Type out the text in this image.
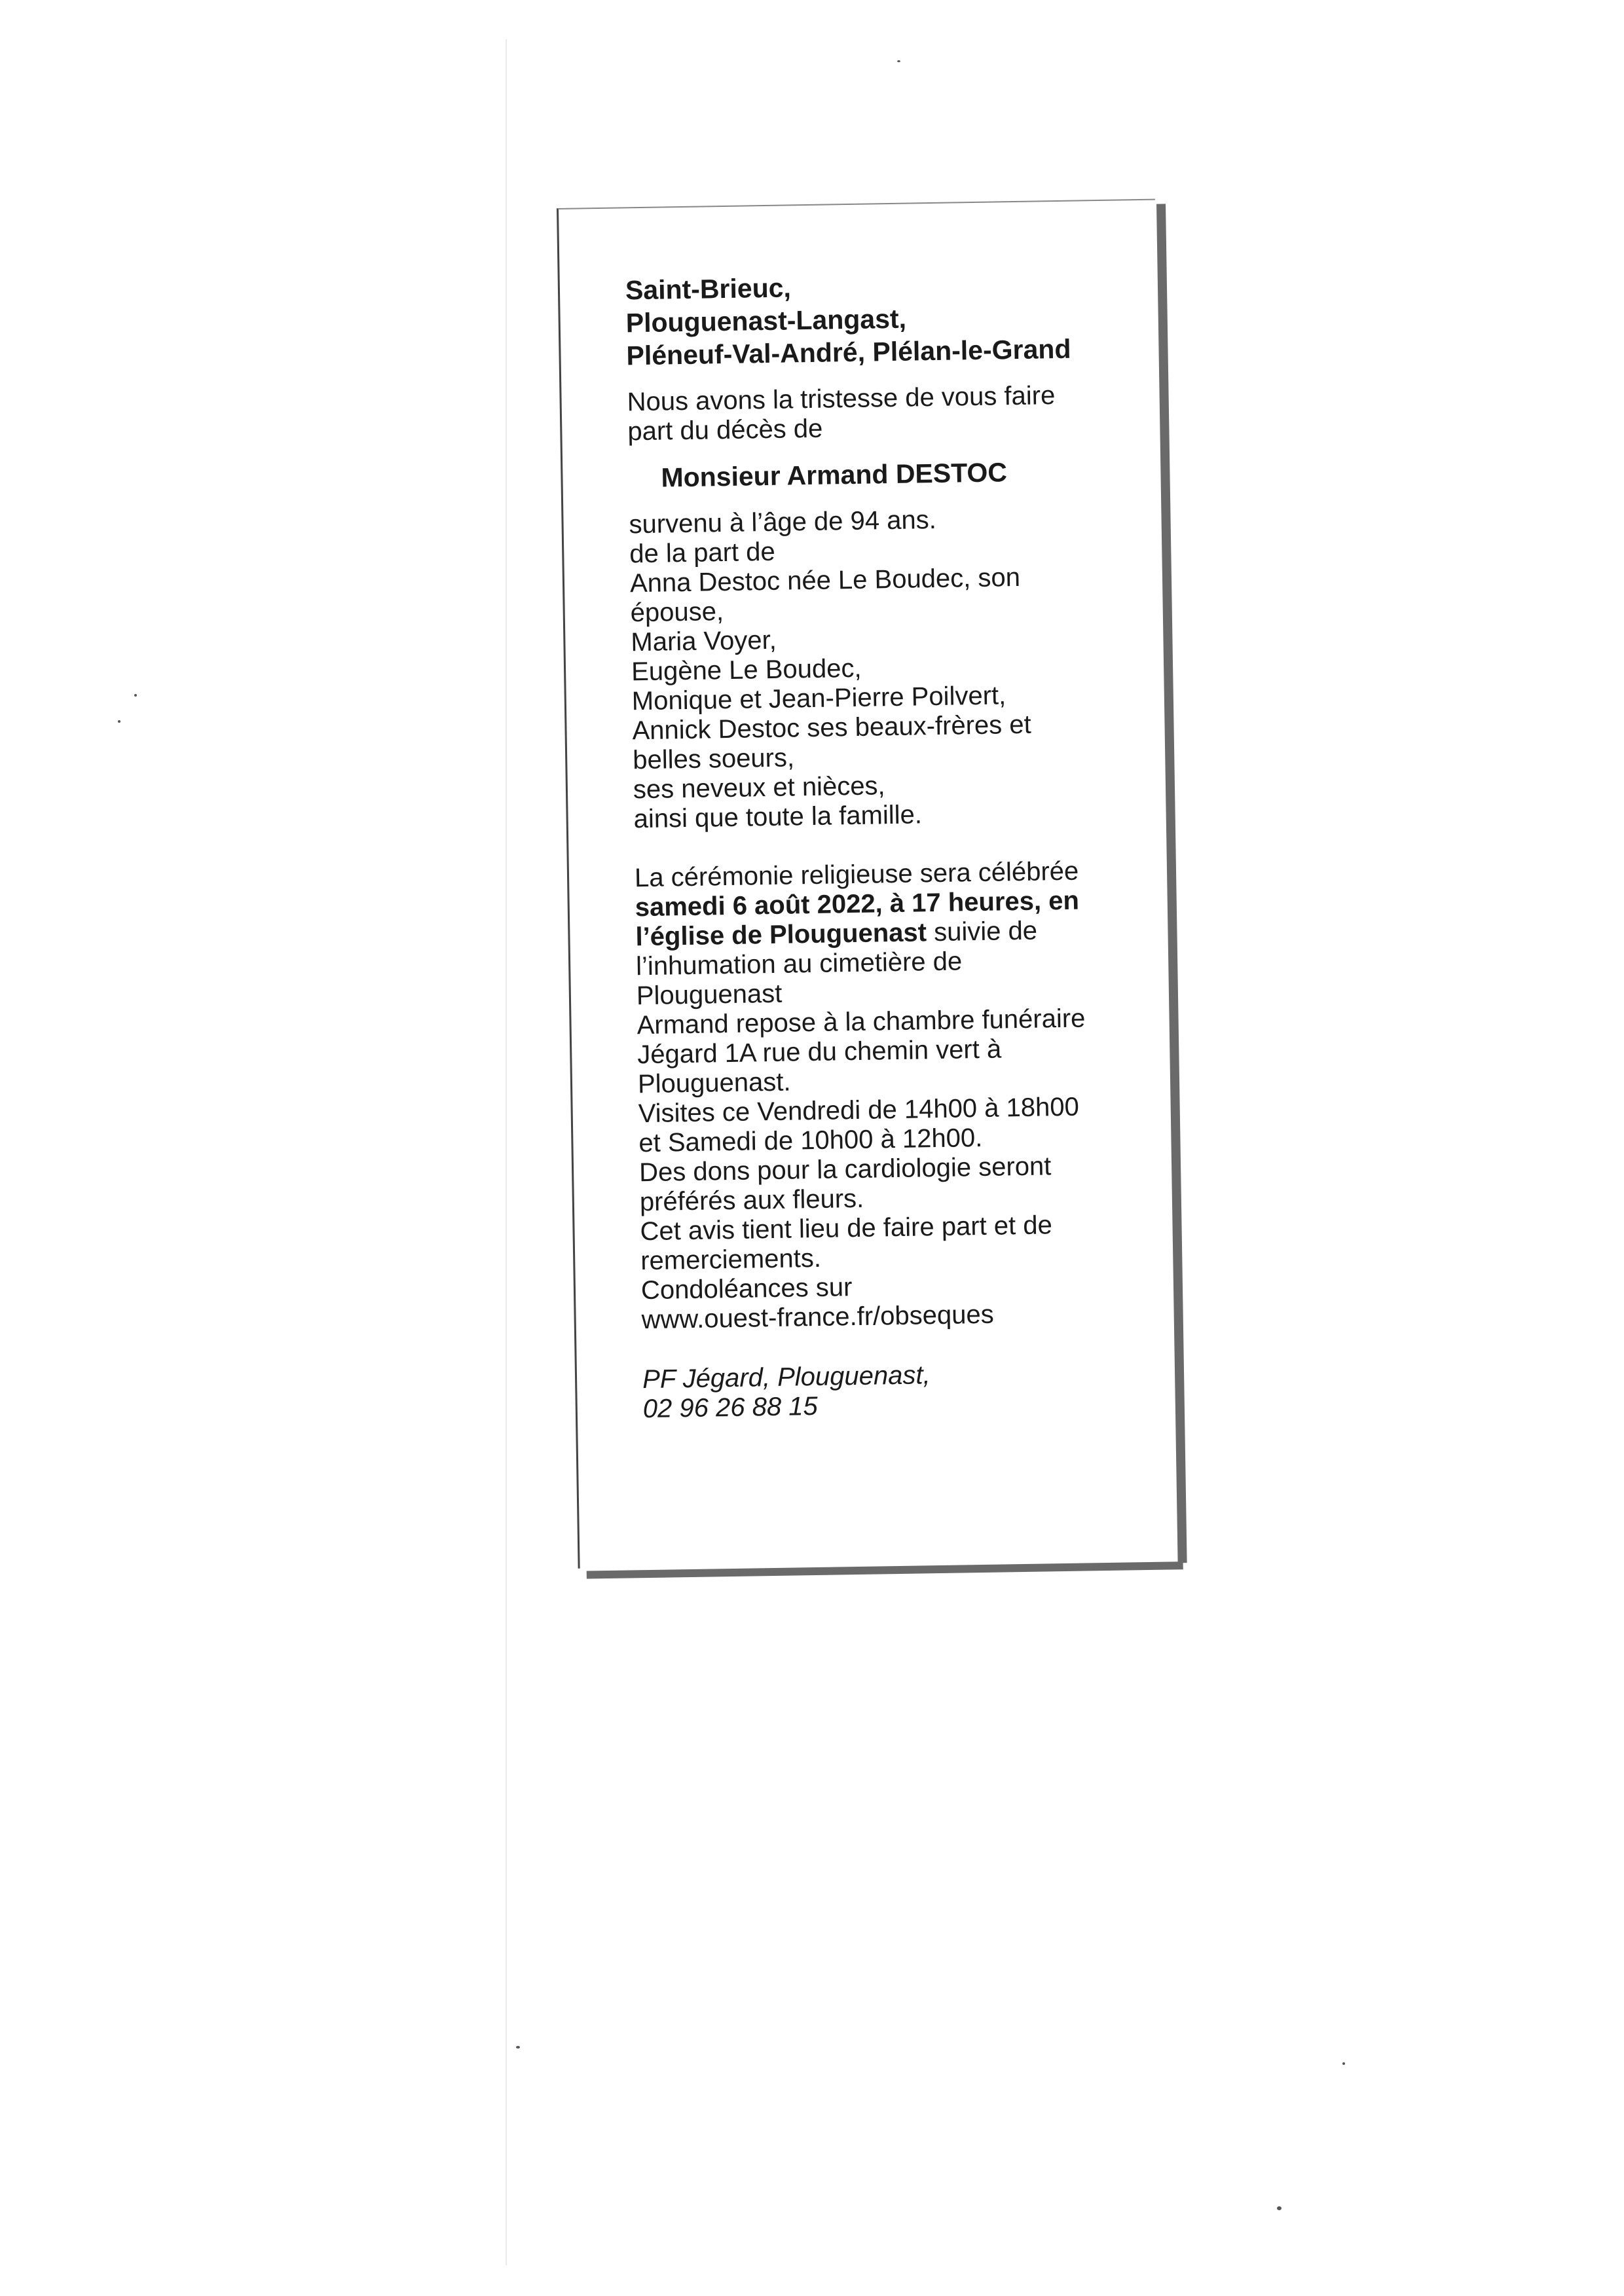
Saint-Brieuc,
Plouguenast-Langast,
Pléneuf-Val-André, Plélan-le-Grand
Nous avons la tristesse de vous faire
part du décès de
Monsieur Armand DESTOC
survenu à l’âge de 94 ans.
de la part de
Anna Destoc née Le Boudec, son
épouse,
Maria Voyer,
Eugène Le Boudec,
Monique et Jean-Pierre Poilvert,
Annick Destoc ses beaux-frères et
belles soeurs,
ses neveux et nièces,
ainsi que toute la famille.
La cérémonie religieuse sera célébrée
samedi 6 août 2022, à 17 heures, en
l’église de Plouguenast suivie de
l’inhumation au cimetière de
Plouguenast
Armand repose à la chambre funéraire
Jégard 1A rue du chemin vert à
Plouguenast.
Visites ce Vendredi de 14h00 à 18h00
et Samedi de 10h00 à 12h00.
Des dons pour la cardiologie seront
préférés aux fleurs.
Cet avis tient lieu de faire part et de
remerciements.
Condoléances sur
www.ouest-france.fr/obseques
PF Jégard, Plouguenast,
02 96 26 88 15
